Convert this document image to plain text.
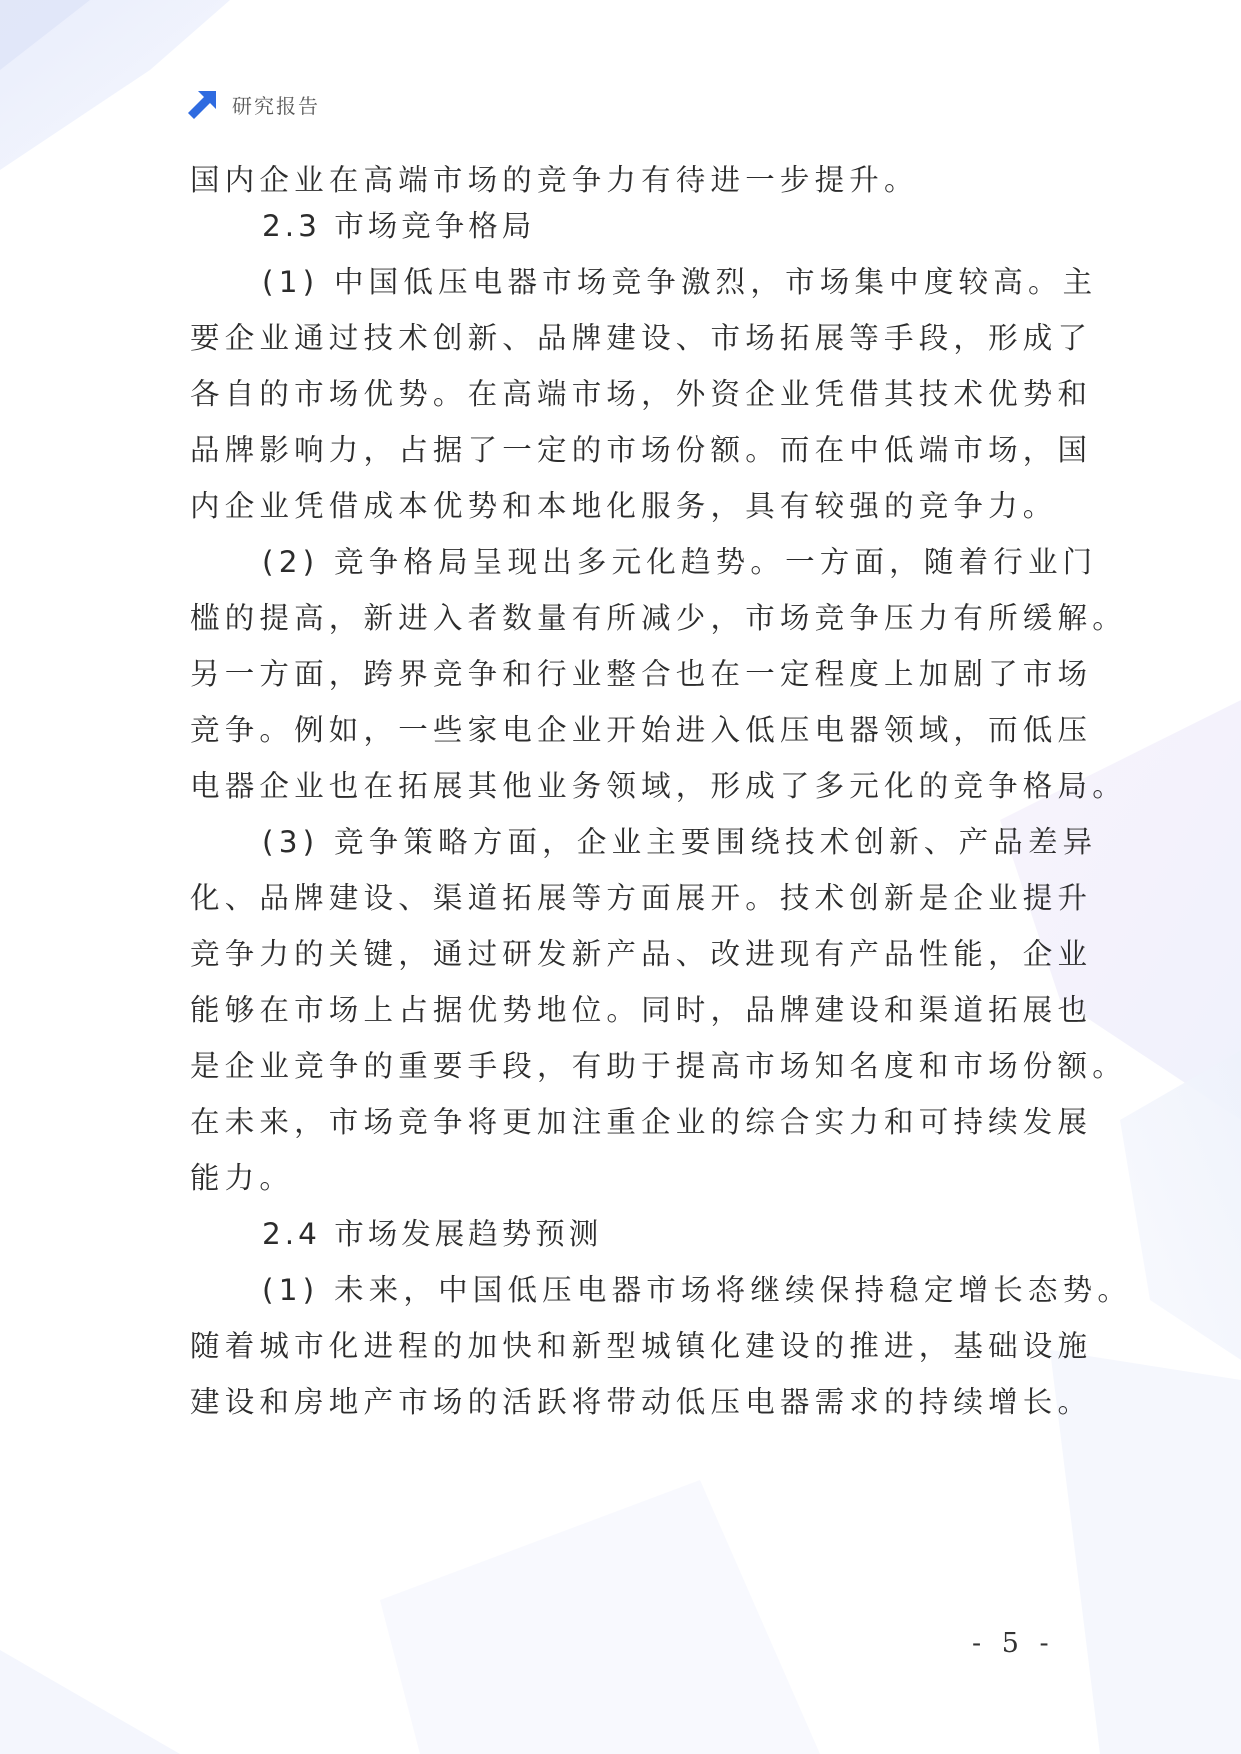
研究报告
国内企业在高端市场的竞争力有待进一步提升。
2.3 市场竞争格局
(1) 中国低压电器市场竞争激烈，市场集中度较高。主
要企业通过技术创新、品牌建设、市场拓展等手段，形成了
各自的市场优势。在高端市场，外资企业凭借其技术优势和
品牌影响力，占据了一定的市场份额。而在中低端市场，国
内企业凭借成本优势和本地化服务，具有较强的竞争力。
(2) 竞争格局呈现出多元化趋势。一方面，随着行业门
槛的提高，新进入者数量有所减少，市场竞争压力有所缓解。
另一方面，跨界竞争和行业整合也在一定程度上加剧了市场
竞争。例如，一些家电企业开始进入低压电器领域，而低压
电器企业也在拓展其他业务领域，形成了多元化的竞争格局。
(3) 竞争策略方面，企业主要围绕技术创新、产品差异
化、品牌建设、渠道拓展等方面展开。技术创新是企业提升
竞争力的关键，通过研发新产品、改进现有产品性能，企业
能够在市场上占据优势地位。同时，品牌建设和渠道拓展也
是企业竞争的重要手段，有助于提高市场知名度和市场份额。
在未来，市场竞争将更加注重企业的综合实力和可持续发展
能力。
2.4 市场发展趋势预测
(1) 未来，中国低压电器市场将继续保持稳定增长态势。
随着城市化进程的加快和新型城镇化建设的推进，基础设施
建设和房地产市场的活跃将带动低压电器需求的持续增长。
- 5 -
